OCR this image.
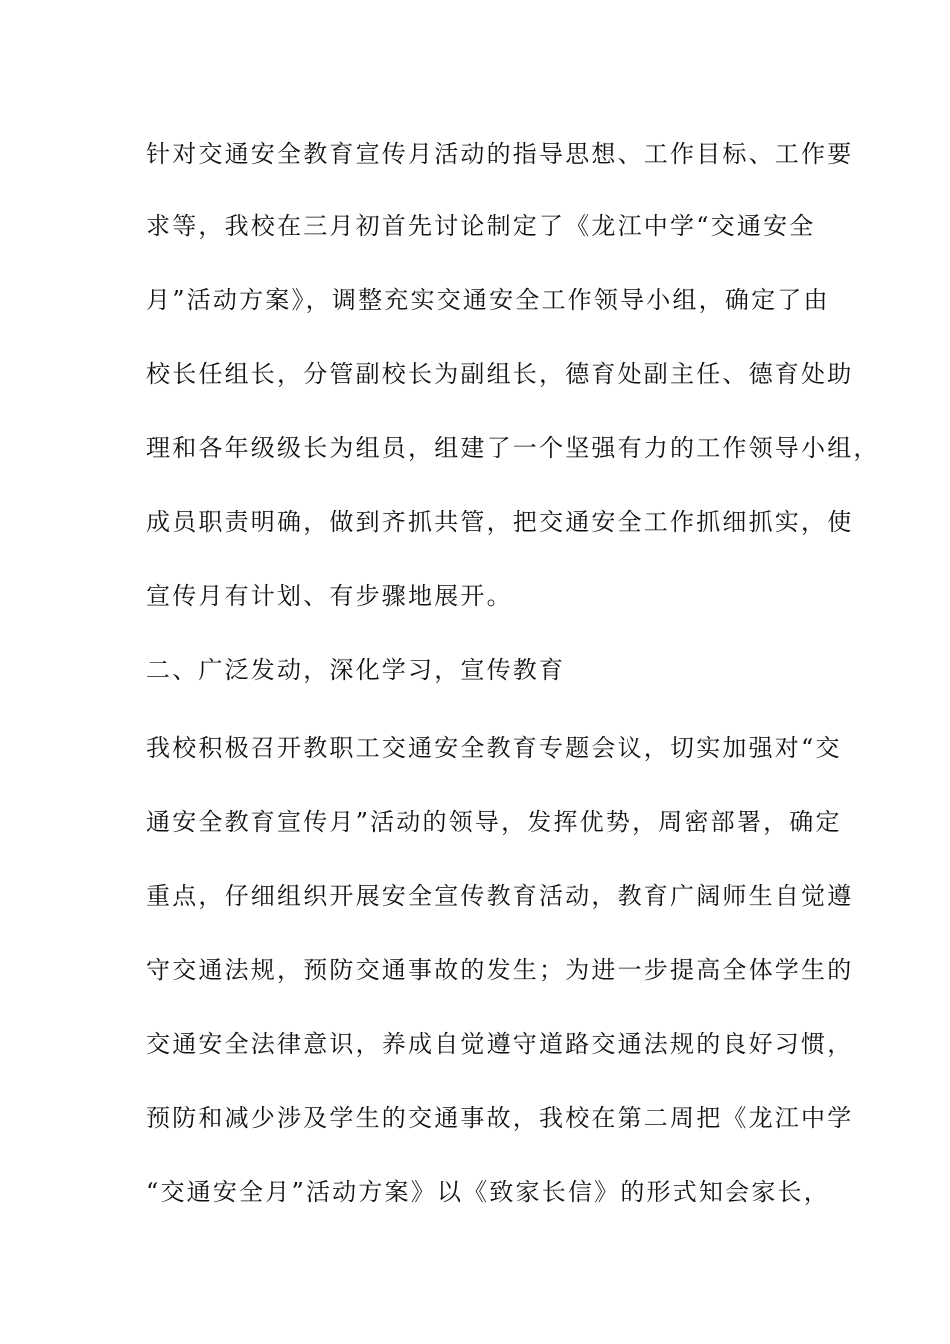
针对交通安全教育宣传月活动的指导思想、工作目标、工作要
求等，我校在三月初首先讨论制定了《龙江中学“交通安全
月”活动方案》，调整充实交通安全工作领导小组，确定了由
校长任组长，分管副校长为副组长，德育处副主任、德育处助
理和各年级级长为组员，组建了一个坚强有力的工作领导小组，
成员职责明确，做到齐抓共管，把交通安全工作抓细抓实，使
宣传月有计划、有步骤地展开。
二、广泛发动，深化学习，宣传教育
我校积极召开教职工交通安全教育专题会议，切实加强对“交
通安全教育宣传月”活动的领导，发挥优势，周密部署，确定
重点，仔细组织开展安全宣传教育活动，教育广阔师生自觉遵
守交通法规，预防交通事故的发生；为进一步提高全体学生的
交通安全法律意识，养成自觉遵守道路交通法规的良好习惯，
预防和减少涉及学生的交通事故，我校在第二周把《龙江中学
“交通安全月”活动方案》以《致家长信》的形式知会家长，
